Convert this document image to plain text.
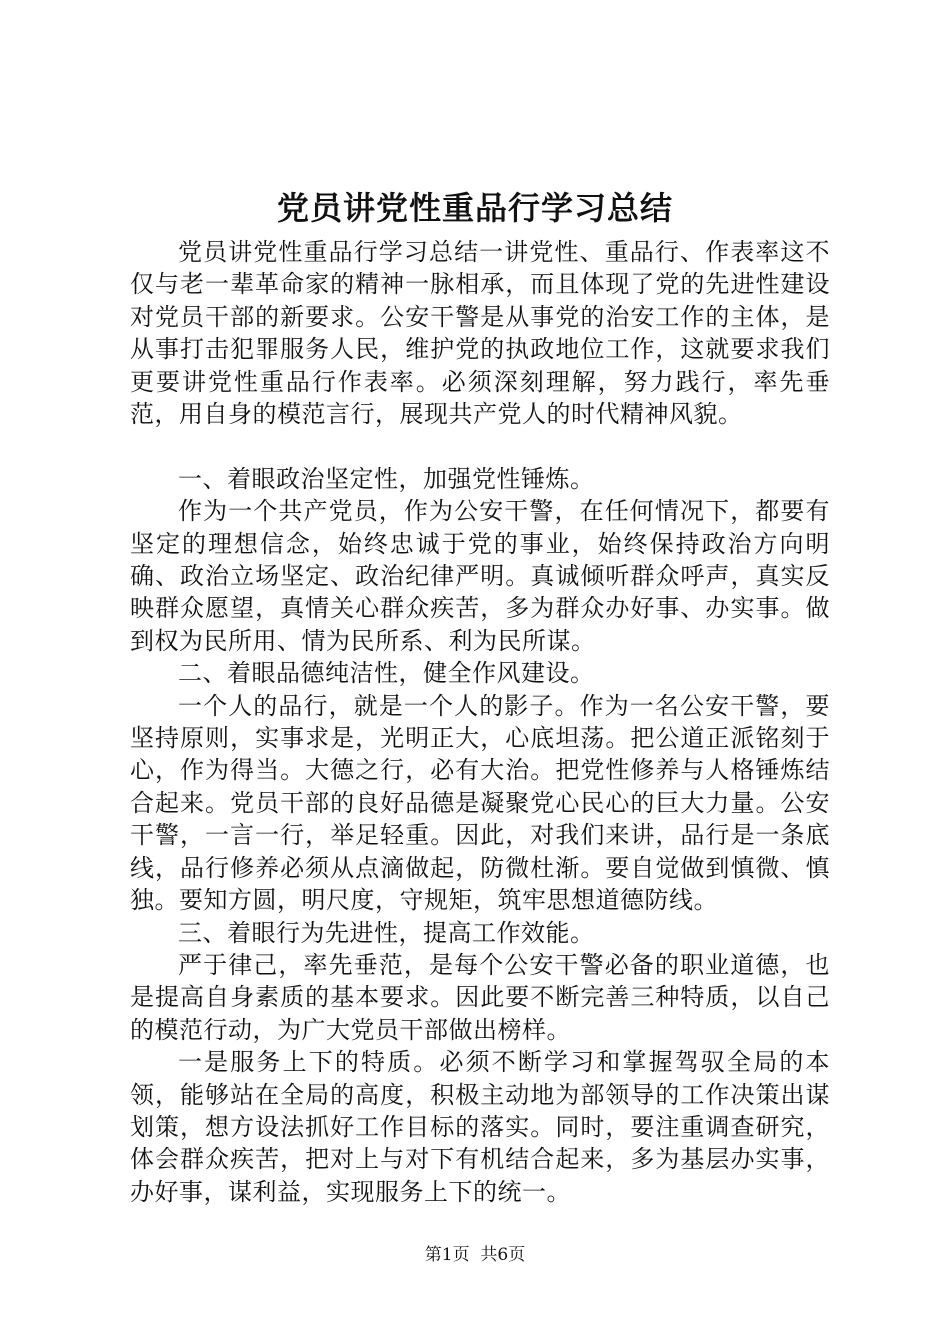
党员讲党性重品行学习总结

党员讲党性重品行学习总结一讲党性、重品行、作表率这不仅与老一辈革命家的精神一脉相承，而且体现了党的先进性建设对党员干部的新要求。公安干警是从事党的治安工作的主体，是从事打击犯罪服务人民，维护党的执政地位工作，这就要求我们更要讲党性重品行作表率。必须深刻理解，努力践行，率先垂范，用自身的模范言行，展现共产党人的时代精神风貌。

一、着眼政治坚定性，加强党性锤炼。

作为一个共产党员，作为公安干警，在任何情况下，都要有坚定的理想信念，始终忠诚于党的事业，始终保持政治方向明确、政治立场坚定、政治纪律严明。真诚倾听群众呼声，真实反映群众愿望，真情关心群众疾苦，多为群众办好事、办实事。做到权为民所用、情为民所系、利为民所谋。

二、着眼品德纯洁性，健全作风建设。

一个人的品行，就是一个人的影子。作为一名公安干警，要坚持原则，实事求是，光明正大，心底坦荡。把公道正派铭刻于心，作为得当。大德之行，必有大治。把党性修养与人格锤炼结合起来。党员干部的良好品德是凝聚党心民心的巨大力量。公安干警，一言一行，举足轻重。因此，对我们来讲，品行是一条底线，品行修养必须从点滴做起，防微杜渐。要自觉做到慎微、慎独。要知方圆，明尺度，守规矩，筑牢思想道德防线。

三、着眼行为先进性，提高工作效能。

严于律己，率先垂范，是每个公安干警必备的职业道德，也是提高自身素质的基本要求。因此要不断完善三种特质，以自己的模范行动，为广大党员干部做出榜样。

一是服务上下的特质。必须不断学习和掌握驾驭全局的本领，能够站在全局的高度，积极主动地为部领导的工作决策出谋划策，想方设法抓好工作目标的落实。同时，要注重调查研究，体会群众疾苦，把对上与对下有机结合起来，多为基层办实事，办好事，谋利益，实现服务上下的统一。

第1页 共6页
